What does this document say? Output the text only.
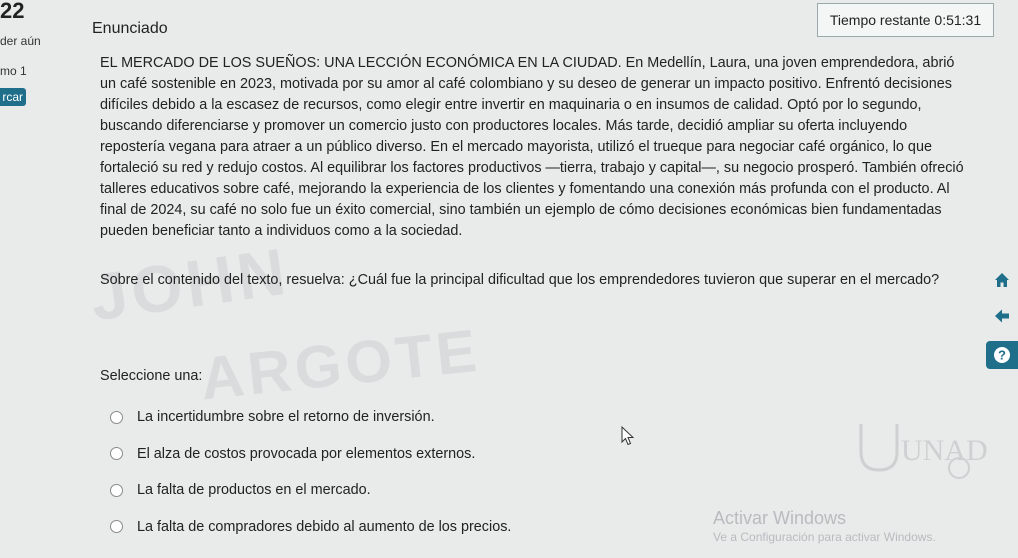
22
der aún
mo 1
rcar
Enunciado	Tiempo restante 0:51:31
JOHN
ARGOTE
EL MERCADO DE LOS SUEÑOS: UNA LECCIÓN ECONÓMICA EN LA CIUDAD. En Medellín, Laura, una joven emprendedora, abrió un café sostenible en 2023, motivada por su amor al café colombiano y su deseo de generar un impacto positivo. Enfrentó decisiones difíciles debido a la escasez de recursos, como elegir entre invertir en maquinaria o en insumos de calidad. Optó por lo segundo, buscando diferenciarse y promover un comercio justo con productores locales. Más tarde, decidió ampliar su oferta incluyendo repostería vegana para atraer a un público diverso. En el mercado mayorista, utilizó el trueque para negociar café orgánico, lo que fortaleció su red y redujo costos. Al equilibrar los factores productivos —tierra, trabajo y capital—, su negocio prosperó. También ofreció talleres educativos sobre café, mejorando la experiencia de los clientes y fomentando una conexión más profunda con el producto. Al final de 2024, su café no solo fue un éxito comercial, sino también un ejemplo de cómo decisiones económicas bien fundamentadas pueden beneficiar tanto a individuos como a la sociedad.
Sobre el contenido del texto, resuelva: ¿Cuál fue la principal dificultad que los emprendedores tuvieron que superar en el mercado?
Seleccione una:
La incertidumbre sobre el retorno de inversión.
El alza de costos provocada por elementos externos.
La falta de productos en el mercado.
La falta de compradores debido al aumento de los precios.
?
UNAD
Activar Windows
Ve a Configuración para activar Windows.
